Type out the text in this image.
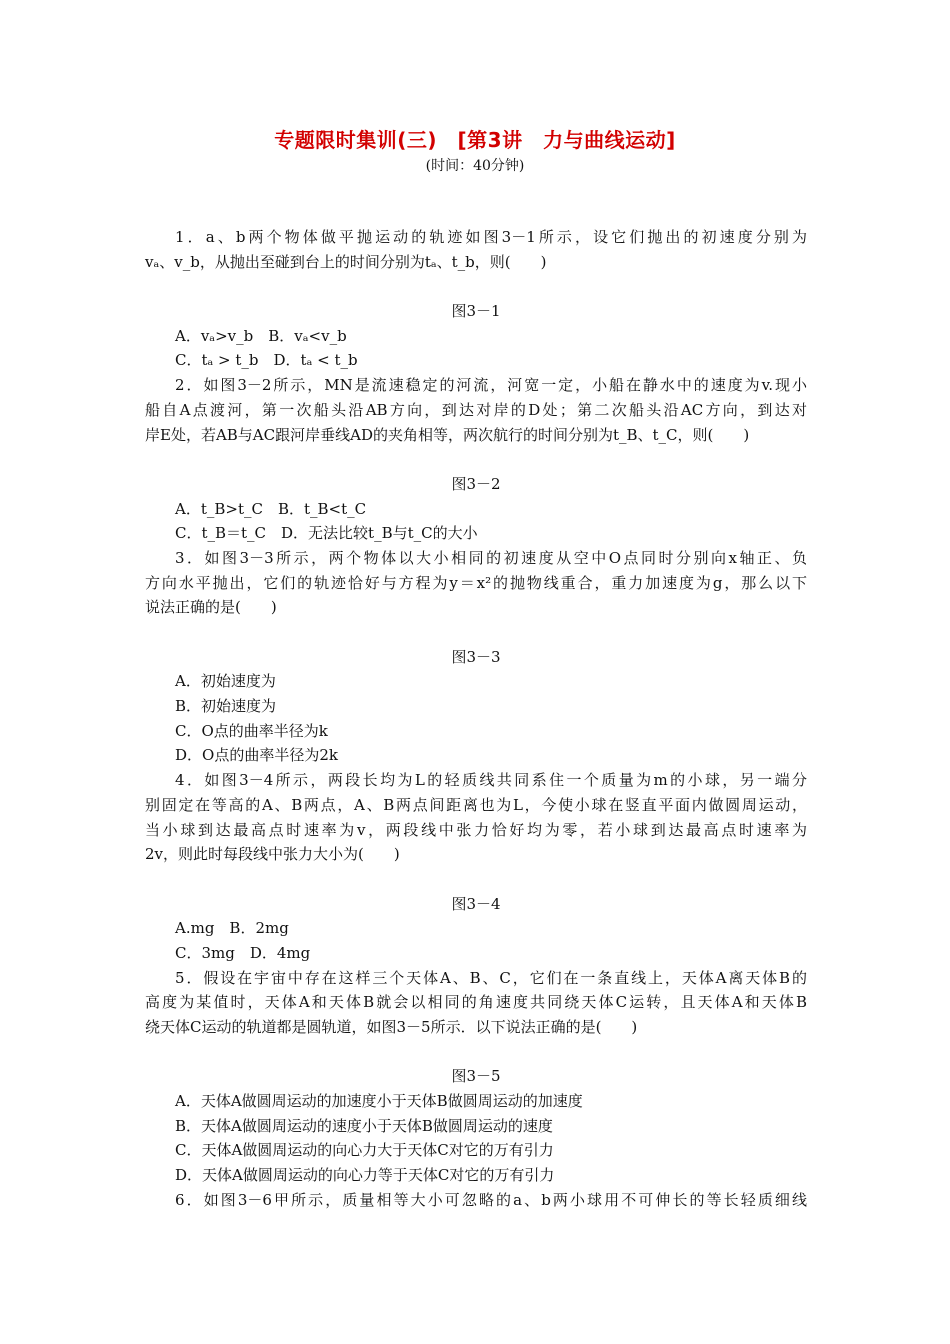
专题限时集训(三)　[第3讲　力与曲线运动]
(时间：40分钟)
1．a、b两个物体做平抛运动的轨迹如图3－1所示，设它们抛出的初速度分别为
vₐ、v_b，从抛出至碰到台上的时间分别为tₐ、t_b，则(　　)
图3－1
A．vₐ>v_b　B．vₐ<v_b
C．tₐ > t_b　D．tₐ < t_b
2．如图3－2所示，MN是流速稳定的河流，河宽一定，小船在静水中的速度为v.现小
船自A点渡河，第一次船头沿AB方向，到达对岸的D处；第二次船头沿AC方向，到达对
岸E处，若AB与AC跟河岸垂线AD的夹角相等，两次航行的时间分别为t_B、t_C，则(　　)
图3－2
A．t_B>t_C　B．t_B<t_C
C．t_B＝t_C　D．无法比较t_B与t_C的大小
3．如图3－3所示，两个物体以大小相同的初速度从空中O点同时分别向x轴正、负
方向水平抛出，它们的轨迹恰好与方程为y＝x²的抛物线重合，重力加速度为g，那么以下
说法正确的是(　　)
图3－3
A．初始速度为
B．初始速度为
C．O点的曲率半径为k
D．O点的曲率半径为2k
4．如图3－4所示，两段长均为L的轻质线共同系住一个质量为m的小球，另一端分
别固定在等高的A、B两点，A、B两点间距离也为L，今使小球在竖直平面内做圆周运动，
当小球到达最高点时速率为v，两段线中张力恰好均为零，若小球到达最高点时速率为
2v，则此时每段线中张力大小为(　　)
图3－4
A.mg　B．2mg
C．3mg　D．4mg
5．假设在宇宙中存在这样三个天体A、B、C，它们在一条直线上，天体A离天体B的
高度为某值时，天体A和天体B就会以相同的角速度共同绕天体C运转，且天体A和天体B
绕天体C运动的轨道都是圆轨道，如图3－5所示．以下说法正确的是(　　)
图3－5
A．天体A做圆周运动的加速度小于天体B做圆周运动的加速度
B．天体A做圆周运动的速度小于天体B做圆周运动的速度
C．天体A做圆周运动的向心力大于天体C对它的万有引力
D．天体A做圆周运动的向心力等于天体C对它的万有引力
6．如图3－6甲所示，质量相等大小可忽略的a、b两小球用不可伸长的等长轻质细线
